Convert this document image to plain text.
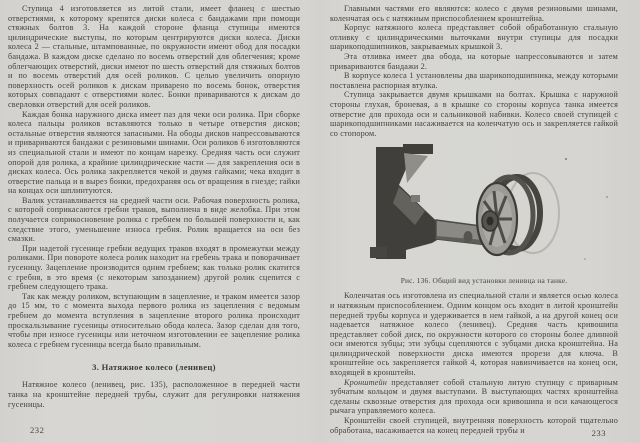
Ступица 4 изготовляется из литой стали, имеет фланец с шестью отверстиями, к которому крепятся диски колеса с бандажами при помощи стяжных болтов 3. На каждой стороне фланца ступицы имеются цилиндрические выступы, по которым центрируются диски колеса. Диски колеса 2 — стальные, штампованные, по окружности имеют обод для посадки бандажа. В каждом диске сделано по восемь отверстий для облегчения; кроме облегчающих отверстий, диски имеют по шесть отверстий для стяжных болтов и по восемь отверстий для осей роликов. С целью увеличить опорную поверхность осей роликов к дискам приварено по восемь бонок, отверстия которых совпадают с отверстиями колес. Бонки привариваются к дискам до сверловки отверстий для осей роликов.

Каждая бонка наружного диска имеет паз для чеки оси ролика. При сборке колеса пальцы роликов вставляются только в четыре отверстия дисков; остальные отверстия являются запасными. На ободы дисков напрессовываются и привариваются бандажи с резиновыми шинами. Оси роликов 6 изготовляются из специальной стали и имеют по концам нарезку. Средняя часть оси служит опорой для ролика, а крайние цилиндрические части — для закрепления оси в дисках колеса. Ось ролика закрепляется чекой и двумя гайками; чека входит в отверстие пальца и в вырез бонки, предохраняя ось от вращения в гнезде; гайки на концах оси шплинтуются.

Валик устанавливается на средней части оси. Рабочая поверхность ролика, с которой соприкасаются гребни траков, выполнена в виде желобка. При этом получается соприкосновение ролика с гребнем по большей поверхности и, как следствие этого, уменьшение износа гребня. Ролик вращается на оси без смазки.

При надетой гусенице гребни ведущих траков входят в промежутки между роликами. При повороте колеса ролик находит на гребень трака и поворачивает гусеницу. Зацепление производится одним гребнем; как только ролик скатится с гребня, в это время (с некоторым запозданием) другой ролик сцепится с гребнем следующего трака.

Так как между роликом, вступающим в зацепление, и траком имеется зазор до 15 мм, то с момента выхода первого ролика из зацепления с ведомым гребнем до момента вступления в зацепление второго ролика происходит проскальзывание гусеницы относительно обода колеса. Зазор сделан для того, чтобы при износе гусеницы или неточном изготовлении ее зацепление ролика колеса с гребнем гусеницы всегда было правильным.

3. Натяжное колесо (ленивец)

Натяжное колесо (ленивец, рис. 135), расположенное в передней части танка на кронштейне передней трубы, служит для регулировки натяжения гусеницы.

232

Главными частями его являются: колесо с двумя резиновыми шинами, коленчатая ось с натяжным приспособлением кронштейна.

Корпус натяжного колеса представляет собой обработанную стальную отливку с цилиндрическими выточками внутри ступицы для посадки шарикоподшипников, закрываемых крышкой 3.

Эта отливка имеет два обода, на которые напрессовываются и затем привариваются бандажи 2.

В корпусе колеса 1 установлены два шарикоподшипника, между которыми поставлена распорная втулка.

Ступица закрывается двумя крышками на болтах. Крышка с наружной стороны глухая, броневая, а в крышке со стороны корпуса танка имеется отверстие для прохода оси и сальниковой набивки. Колесо своей ступицей с шарикоподшипниками насаживается на коленчатую ось и закрепляется гайкой со стопором.

Рис. 136. Общий вид установки ленивца на танке.

Коленчатая ось изготовлена из специальной стали и является осью колеса и натяжным приспособлением. Одним концом ось входит в литой кронштейн передней трубы корпуса и удерживается в нем гайкой, а на другой конец оси надевается натяжное колесо (ленивец). Средняя часть кривошипа представляет собой диск, по окружности которого со стороны более длинной оси имеются зубцы; эти зубцы сцепляются с зубцами диска кронштейна. На цилиндрической поверхности диска имеются прорези для ключа. В кронштейне ось закрепляется гайкой 4, которая навинчивается на конец оси, входящей в кронштейн.

Кронштейн представляет собой стальную литую ступицу с приварным зубчатым кольцом и двумя выступами. В выступающих частях кронштейна сделаны сквозные отверстия для прохода оси кривошипа и оси качающегося рычага управляемого колеса.

Кронштейн своей ступицей, внутренняя поверхность которой тщательно обработана, насаживается на конец передней трубы и	233
